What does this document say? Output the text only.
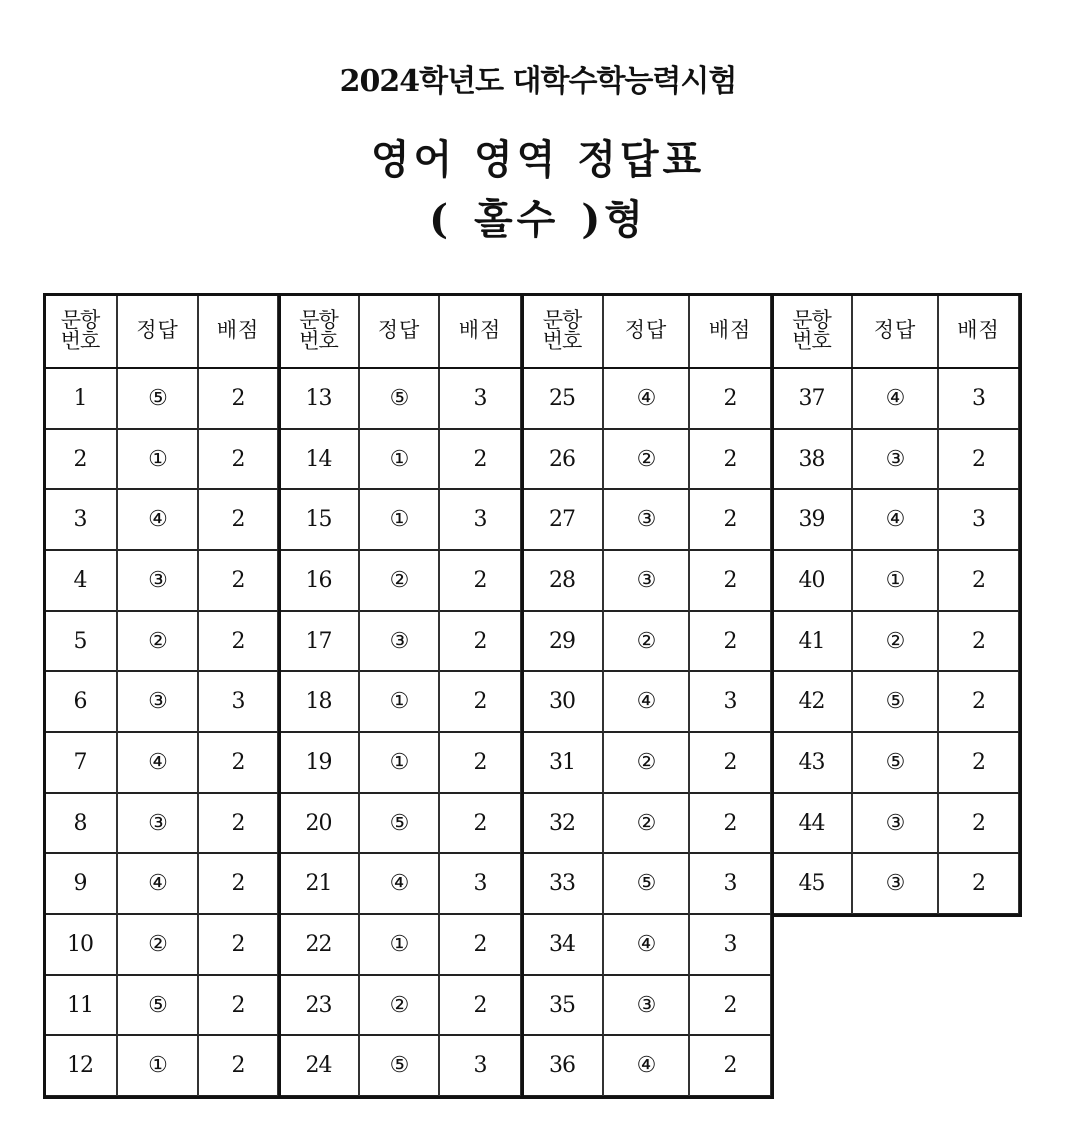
2024학년도 대학수학능력시험
영어 영역 정답표
( 홀수 )형
문항
번호
1
2
3
4
5
6
7
8
9
10
11
12
정답
⑤
①
④
③
②
③
④
③
④
②
⑤
①
배점
2
2
2
2
2
3
2
2
2
2
2
2
문항
번호
13
14
15
16
17
18
19
20
21
22
23
24
정답
⑤
①
①
②
③
①
①
⑤
④
①
②
⑤
배점
3
2
3
2
2
2
2
2
3
2
2
3
문항
번호
25
26
27
28
29
30
31
32
33
34
35
36
정답
④
②
③
③
②
④
②
②
⑤
④
③
④
배점
2
2
2
2
2
3
2
2
3
3
2
2
문항
번호
37
38
39
40
41
42
43
44
45
정답
④
③
④
①
②
⑤
⑤
③
③
배점
3
2
3
2
2
2
2
2
2
